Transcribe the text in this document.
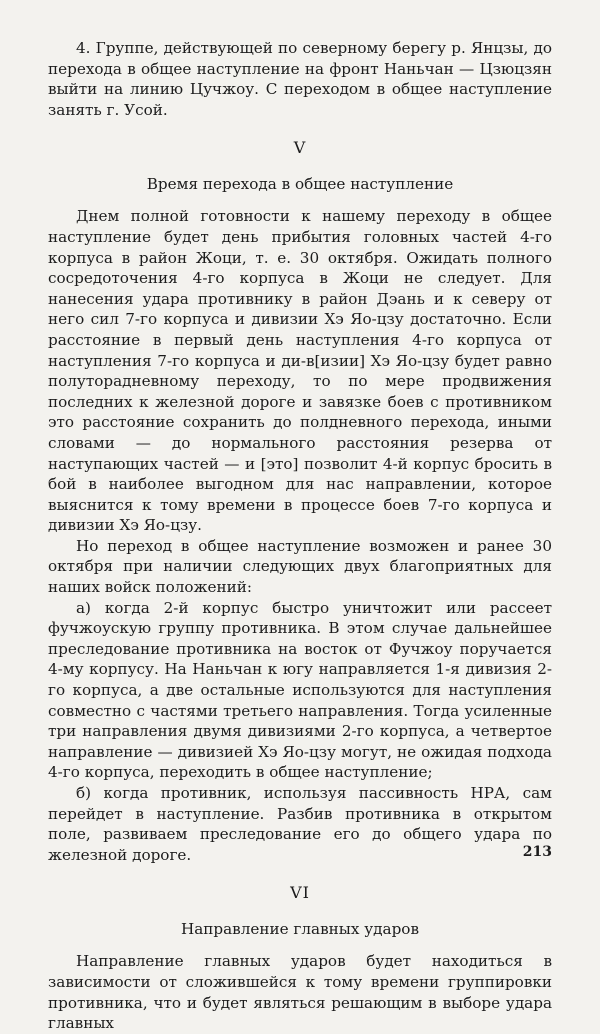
4. Группе, действующей по северному берегу р. Янцзы, до перехода в общее наступление на фронт Наньчан — Цзюцзян выйти на линию Цучжоу. С переходом в общее наступление занять г. Усой.

V
Время перехода в общее наступление

Днем полной готовности к нашему переходу в общее наступление будет день прибытия головных частей 4-го корпуса в район Жоци, т. е. 30 октября. Ожидать полного сосредоточения 4-го корпуса в Жоци не следует. Для нанесения удара противнику в район Дэань и к северу от него сил 7-го корпуса и дивизии Хэ Яо-цзу достаточно. Если расстояние в первый день наступления 4-го корпуса от наступления 7-го корпуса и ди-в[изии] Хэ Яо-цзу будет равно полуторадневному переходу, то по мере продвижения последних к железной дороге и завязке боев с противником это расстояние сохранить до полдневного перехода, иными словами — до нормального расстояния резерва от наступающих частей — и [это] позволит 4-й корпус бросить в бой в наиболее выгодном для нас направлении, которое выяснится к тому времени в процессе боев 7-го корпуса и дивизии Хэ Яо-цзу.

Но переход в общее наступление возможен и ранее 30 октября при наличии следующих двух благоприятных для наших войск положений:

а) когда 2-й корпус быстро уничтожит или рассеет фучжоускую группу противника. В этом случае дальнейшее преследование противника на восток от Фучжоу поручается 4-му корпусу. На Наньчан к югу направляется 1-я дивизия 2-го корпуса, а две остальные используются для наступления совместно с частями третьего направления. Тогда усиленные три направления двумя дивизиями 2-го корпуса, а четвертое направление — дивизией Хэ Яо-цзу могут, не ожидая подхода 4-го корпуса, переходить в общее наступление;

б) когда противник, используя пассивность НРА, сам перейдет в наступление. Разбив противника в открытом поле, развиваем преследование его до общего удара по железной дороге.

VI
Направление главных ударов

Направление главных ударов будет находиться в зависимости от сложившейся к тому времени группировки противника, что и будет являться решающим в выборе удара главных

213
